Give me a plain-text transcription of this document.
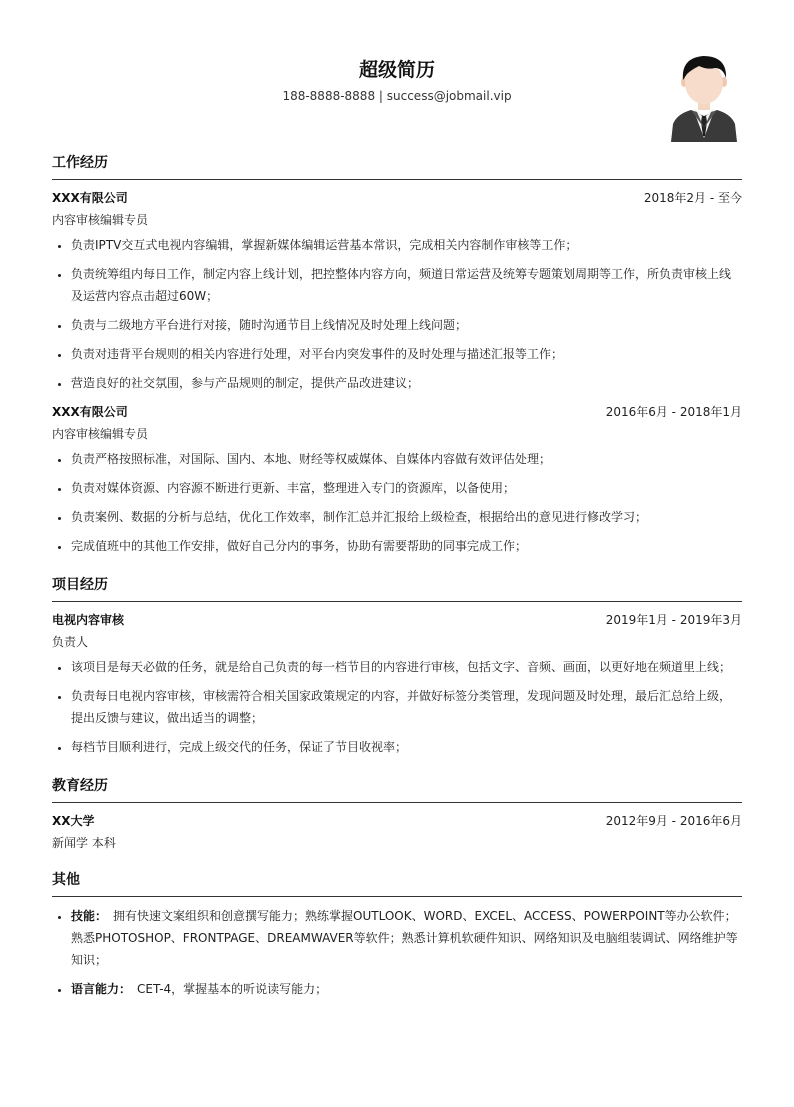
超级简历
188-8888-8888 | success@jobmail.vip
工作经历
XXX有限公司	2018年2月 - 至今
内容审核编辑专员
• 负责IPTV交互式电视内容编辑，掌握新媒体编辑运营基本常识，完成相关内容制作审核等工作；
• 负责统筹组内每日工作，制定内容上线计划，把控整体内容方向，频道日常运营及统筹专题策划周期等工作，所负责审核上线及运营内容点击超过60W；
• 负责与二级地方平台进行对接，随时沟通节目上线情况及时处理上线问题；
• 负责对违背平台规则的相关内容进行处理，对平台内突发事件的及时处理与描述汇报等工作；
• 营造良好的社交氛围，参与产品规则的制定，提供产品改进建议；
XXX有限公司	2016年6月 - 2018年1月
内容审核编辑专员
• 负责严格按照标准，对国际、国内、本地、财经等权威媒体、自媒体内容做有效评估处理；
• 负责对媒体资源、内容源不断进行更新、丰富，整理进入专门的资源库，以备使用；
• 负责案例、数据的分析与总结，优化工作效率，制作汇总并汇报给上级检查，根据给出的意见进行修改学习；
• 完成值班中的其他工作安排，做好自己分内的事务，协助有需要帮助的同事完成工作；
项目经历
电视内容审核	2019年1月 - 2019年3月
负责人
• 该项目是每天必做的任务，就是给自己负责的每一档节目的内容进行审核，包括文字、音频、画面，以更好地在频道里上线；
• 负责每日电视内容审核，审核需符合相关国家政策规定的内容，并做好标签分类管理，发现问题及时处理，最后汇总给上级，提出反馈与建议，做出适当的调整；
• 每档节目顺利进行，完成上级交代的任务，保证了节目收视率；
教育经历
XX大学	2012年9月 - 2016年6月
新闻学 本科
其他
• 技能： 拥有快速文案组织和创意撰写能力；熟练掌握OUTLOOK、WORD、EXCEL、ACCESS、POWERPOINT等办公软件；熟悉PHOTOSHOP、FRONTPAGE、DREAMWAVER等软件；熟悉计算机软硬件知识、网络知识及电脑组装调试、网络维护等知识；
• 语言能力： CET-4，掌握基本的听说读写能力；
